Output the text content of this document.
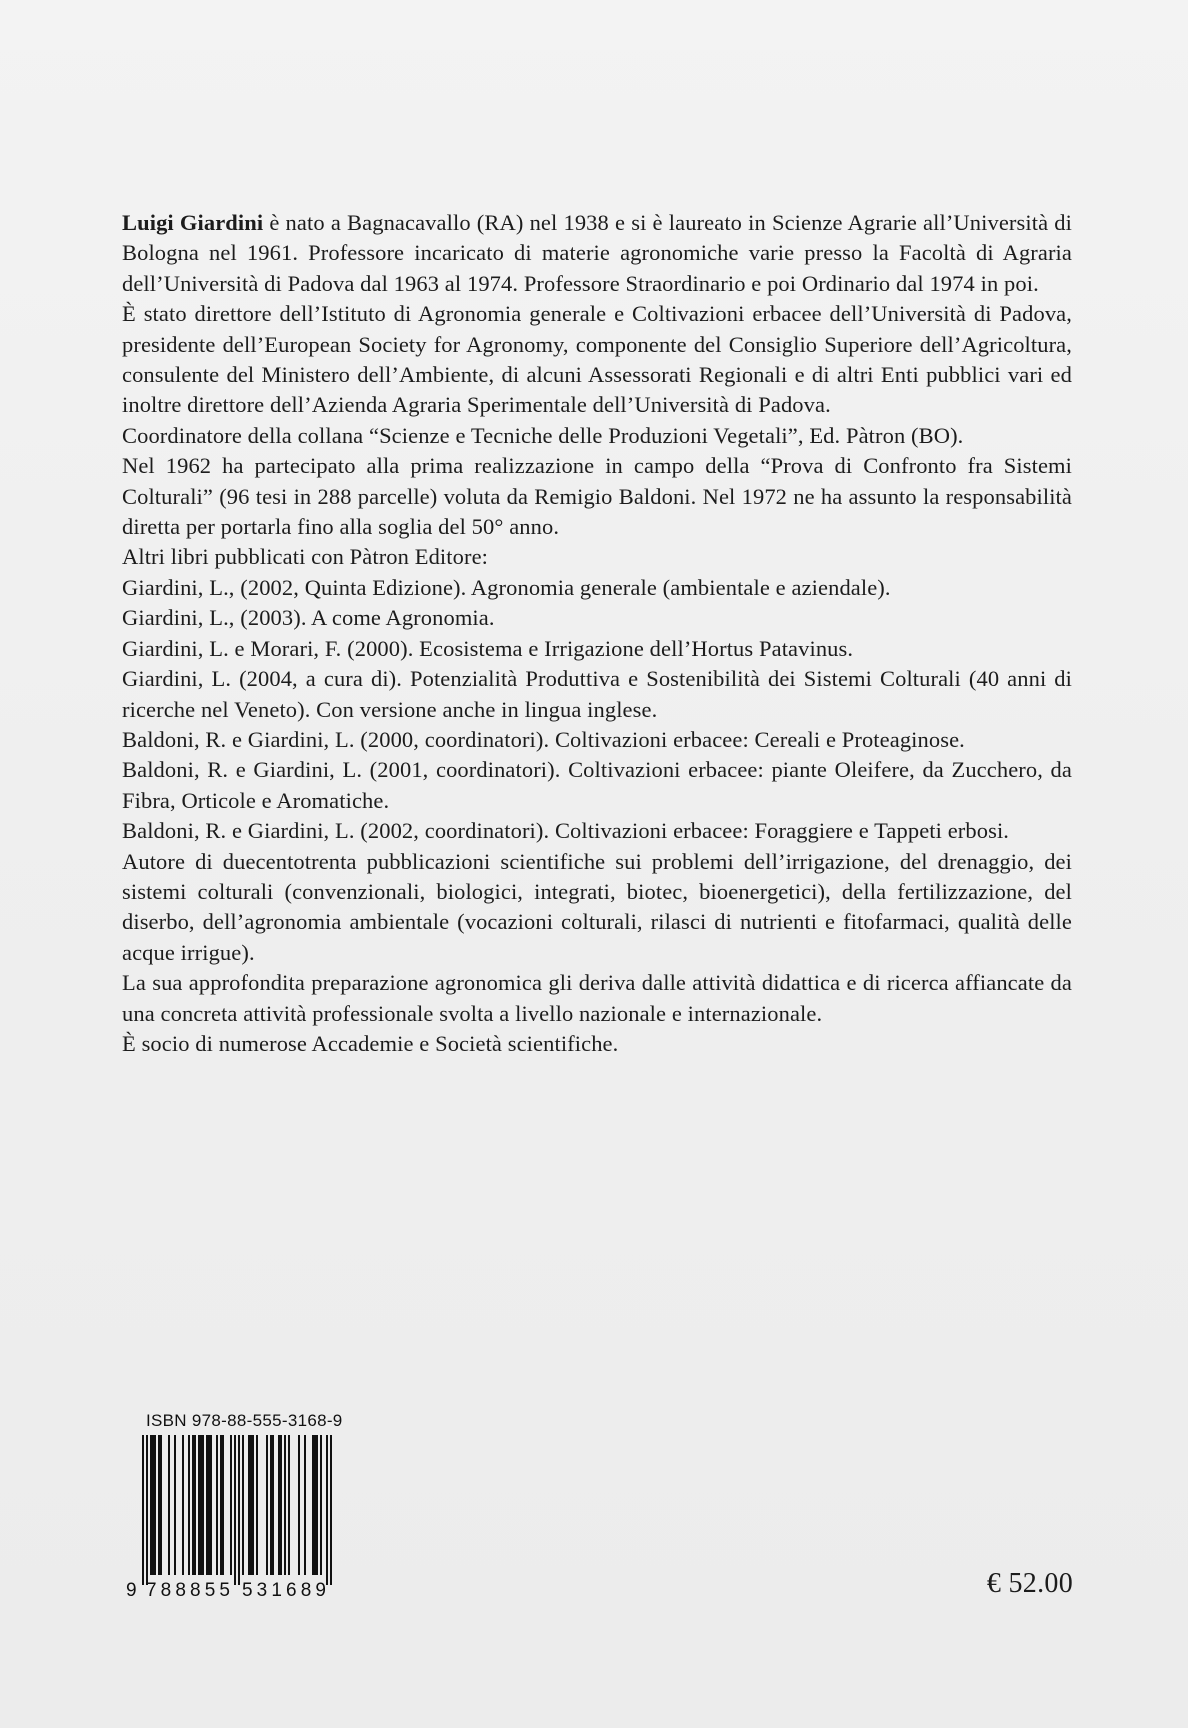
Luigi Giardini è nato a Bagnacavallo (RA) nel 1938 e si è laureato in Scienze Agrarie all’Università di Bologna nel 1961. Professore incaricato di materie agronomiche varie presso la Facoltà di Agraria dell’Università di Padova dal 1963 al 1974. Professore Straordinario e poi Ordinario dal 1974 in poi.

È stato direttore dell’Istituto di Agronomia generale e Coltivazioni erbacee dell’Università di Padova, presidente dell’European Society for Agronomy, componente del Consiglio Superiore dell’Agricoltura, consulente del Ministero dell’Ambiente, di alcuni Assessorati Regionali e di altri Enti pubblici vari ed inoltre direttore dell’Azienda Agraria Sperimentale dell’Università di Padova.

Coordinatore della collana “Scienze e Tecniche delle Produzioni Vegetali”, Ed. Pàtron (BO).

Nel 1962 ha partecipato alla prima realizzazione in campo della “Prova di Confronto fra Sistemi Colturali” (96 tesi in 288 parcelle) voluta da Remigio Baldoni. Nel 1972 ne ha assunto la responsabilità diretta per portarla fino alla soglia del 50° anno.

Altri libri pubblicati con Pàtron Editore:

Giardini, L., (2002, Quinta Edizione). Agronomia generale (ambientale e aziendale).

Giardini, L., (2003). A come Agronomia.

Giardini, L. e Morari, F. (2000). Ecosistema e Irrigazione dell’Hortus Patavinus.

Giardini, L. (2004, a cura di). Potenzialità Produttiva e Sostenibilità dei Sistemi Colturali (40 anni di ricerche nel Veneto). Con versione anche in lingua inglese.

Baldoni, R. e Giardini, L. (2000, coordinatori). Coltivazioni erbacee: Cereali e Proteaginose.

Baldoni, R. e Giardini, L. (2001, coordinatori). Coltivazioni erbacee: piante Oleifere, da Zucchero, da Fibra, Orticole e Aromatiche.

Baldoni, R. e Giardini, L. (2002, coordinatori). Coltivazioni erbacee: Foraggiere e Tappeti erbosi.

Autore di duecentotrenta pubblicazioni scientifiche sui problemi dell’irrigazione, del drenaggio, dei sistemi colturali (convenzionali, biologici, integrati, biotec, bioenergetici), della fertilizzazione, del diserbo, dell’agronomia ambientale (vocazioni colturali, rilasci di nutrienti e fitofarmaci, qualità delle acque irrigue).

La sua approfondita preparazione agronomica gli deriva dalle attività didattica e di ricerca affiancate da una concreta attività professionale svolta a livello nazionale e internazionale.

È socio di numerose Accademie e Società scientifiche.

ISBN 978-88-555-3168-9
9 788855 531689	€ 52.00
